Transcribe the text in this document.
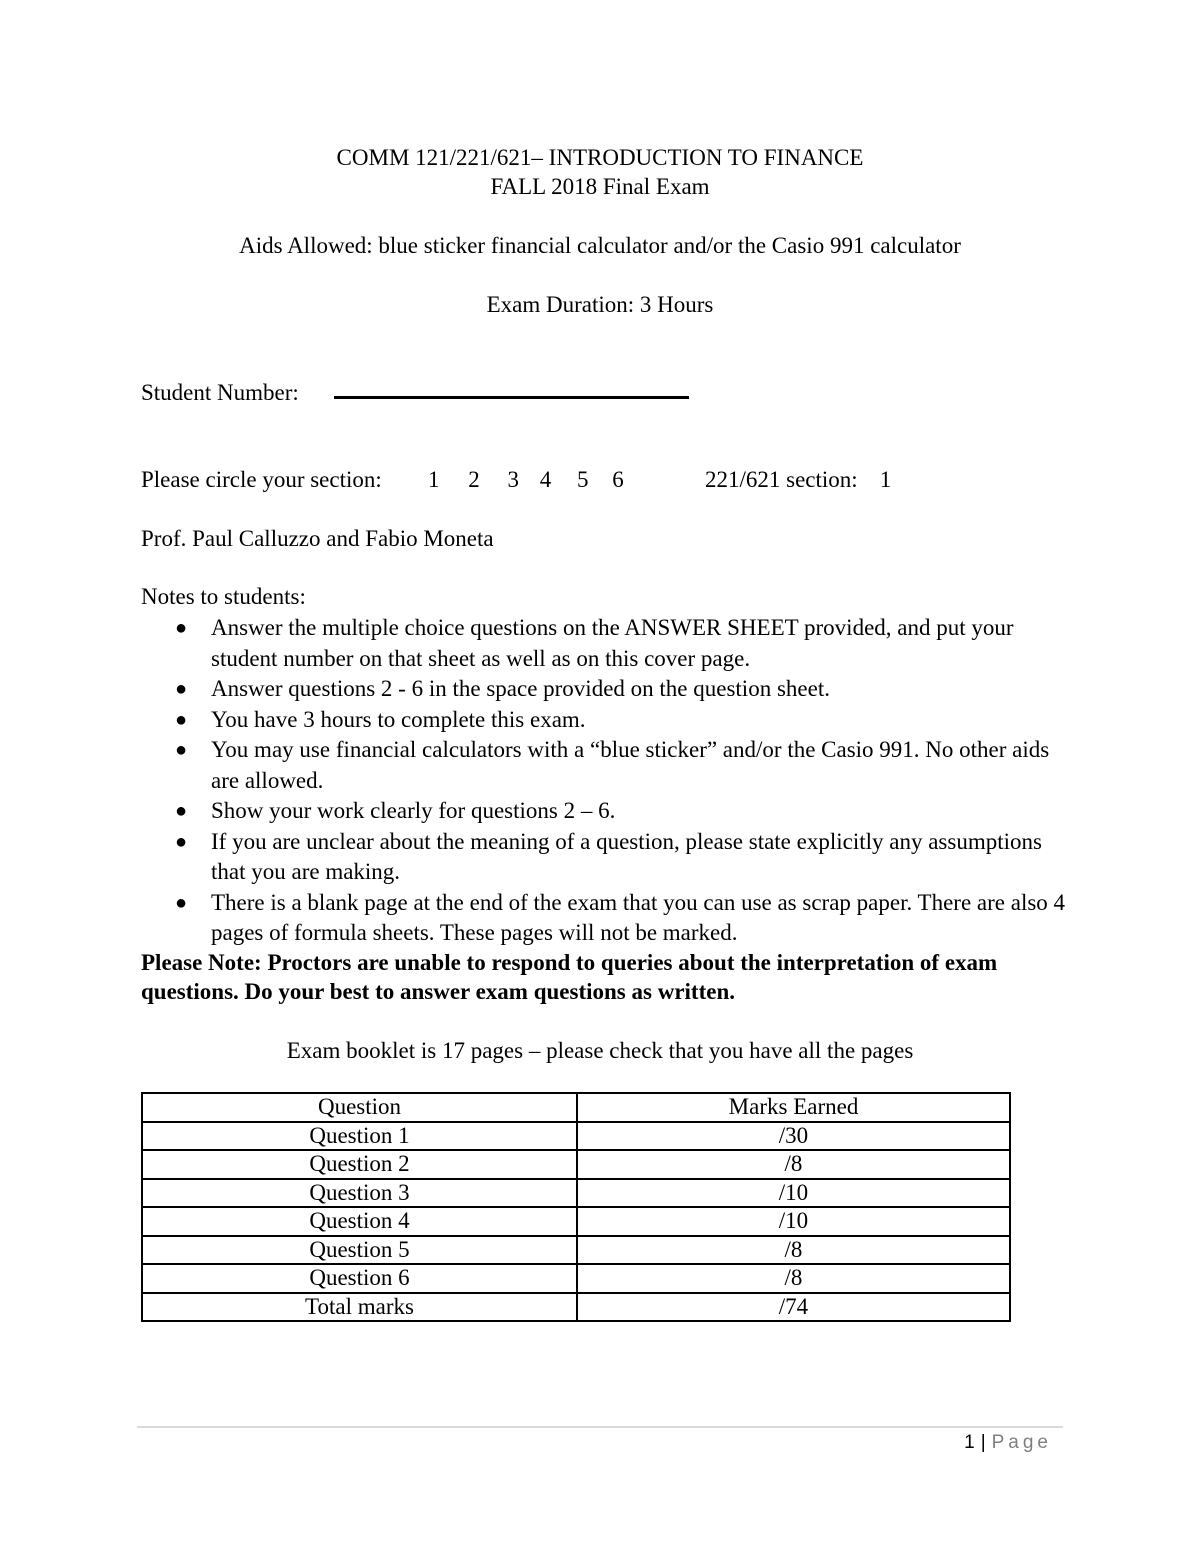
COMM 121/221/621– INTRODUCTION TO FINANCE
FALL 2018 Final Exam
Aids Allowed: blue sticker financial calculator and/or the Casio 991 calculator
Exam Duration: 3 Hours
Student Number:
Please circle your section: 1 2 3 4 5 6	221/621 section: 1
Prof. Paul Calluzzo and Fabio Moneta
Notes to students:
● Answer the multiple choice questions on the ANSWER SHEET provided, and put your student number on that sheet as well as on this cover page.
● Answer questions 2 - 6 in the space provided on the question sheet.
● You have 3 hours to complete this exam.
● You may use financial calculators with a “blue sticker” and/or the Casio 991. No other aids are allowed.
● Show your work clearly for questions 2 – 6.
● If you are unclear about the meaning of a question, please state explicitly any assumptions that you are making.
● There is a blank page at the end of the exam that you can use as scrap paper. There are also 4 pages of formula sheets. These pages will not be marked.
Please Note: Proctors are unable to respond to queries about the interpretation of exam questions. Do your best to answer exam questions as written.
Exam booklet is 17 pages – please check that you have all the pages
Question	Marks Earned
Question 1	/30
Question 2	/8
Question 3	/10
Question 4	/10
Question 5	/8
Question 6	/8
Total marks	/74
1 | Page
